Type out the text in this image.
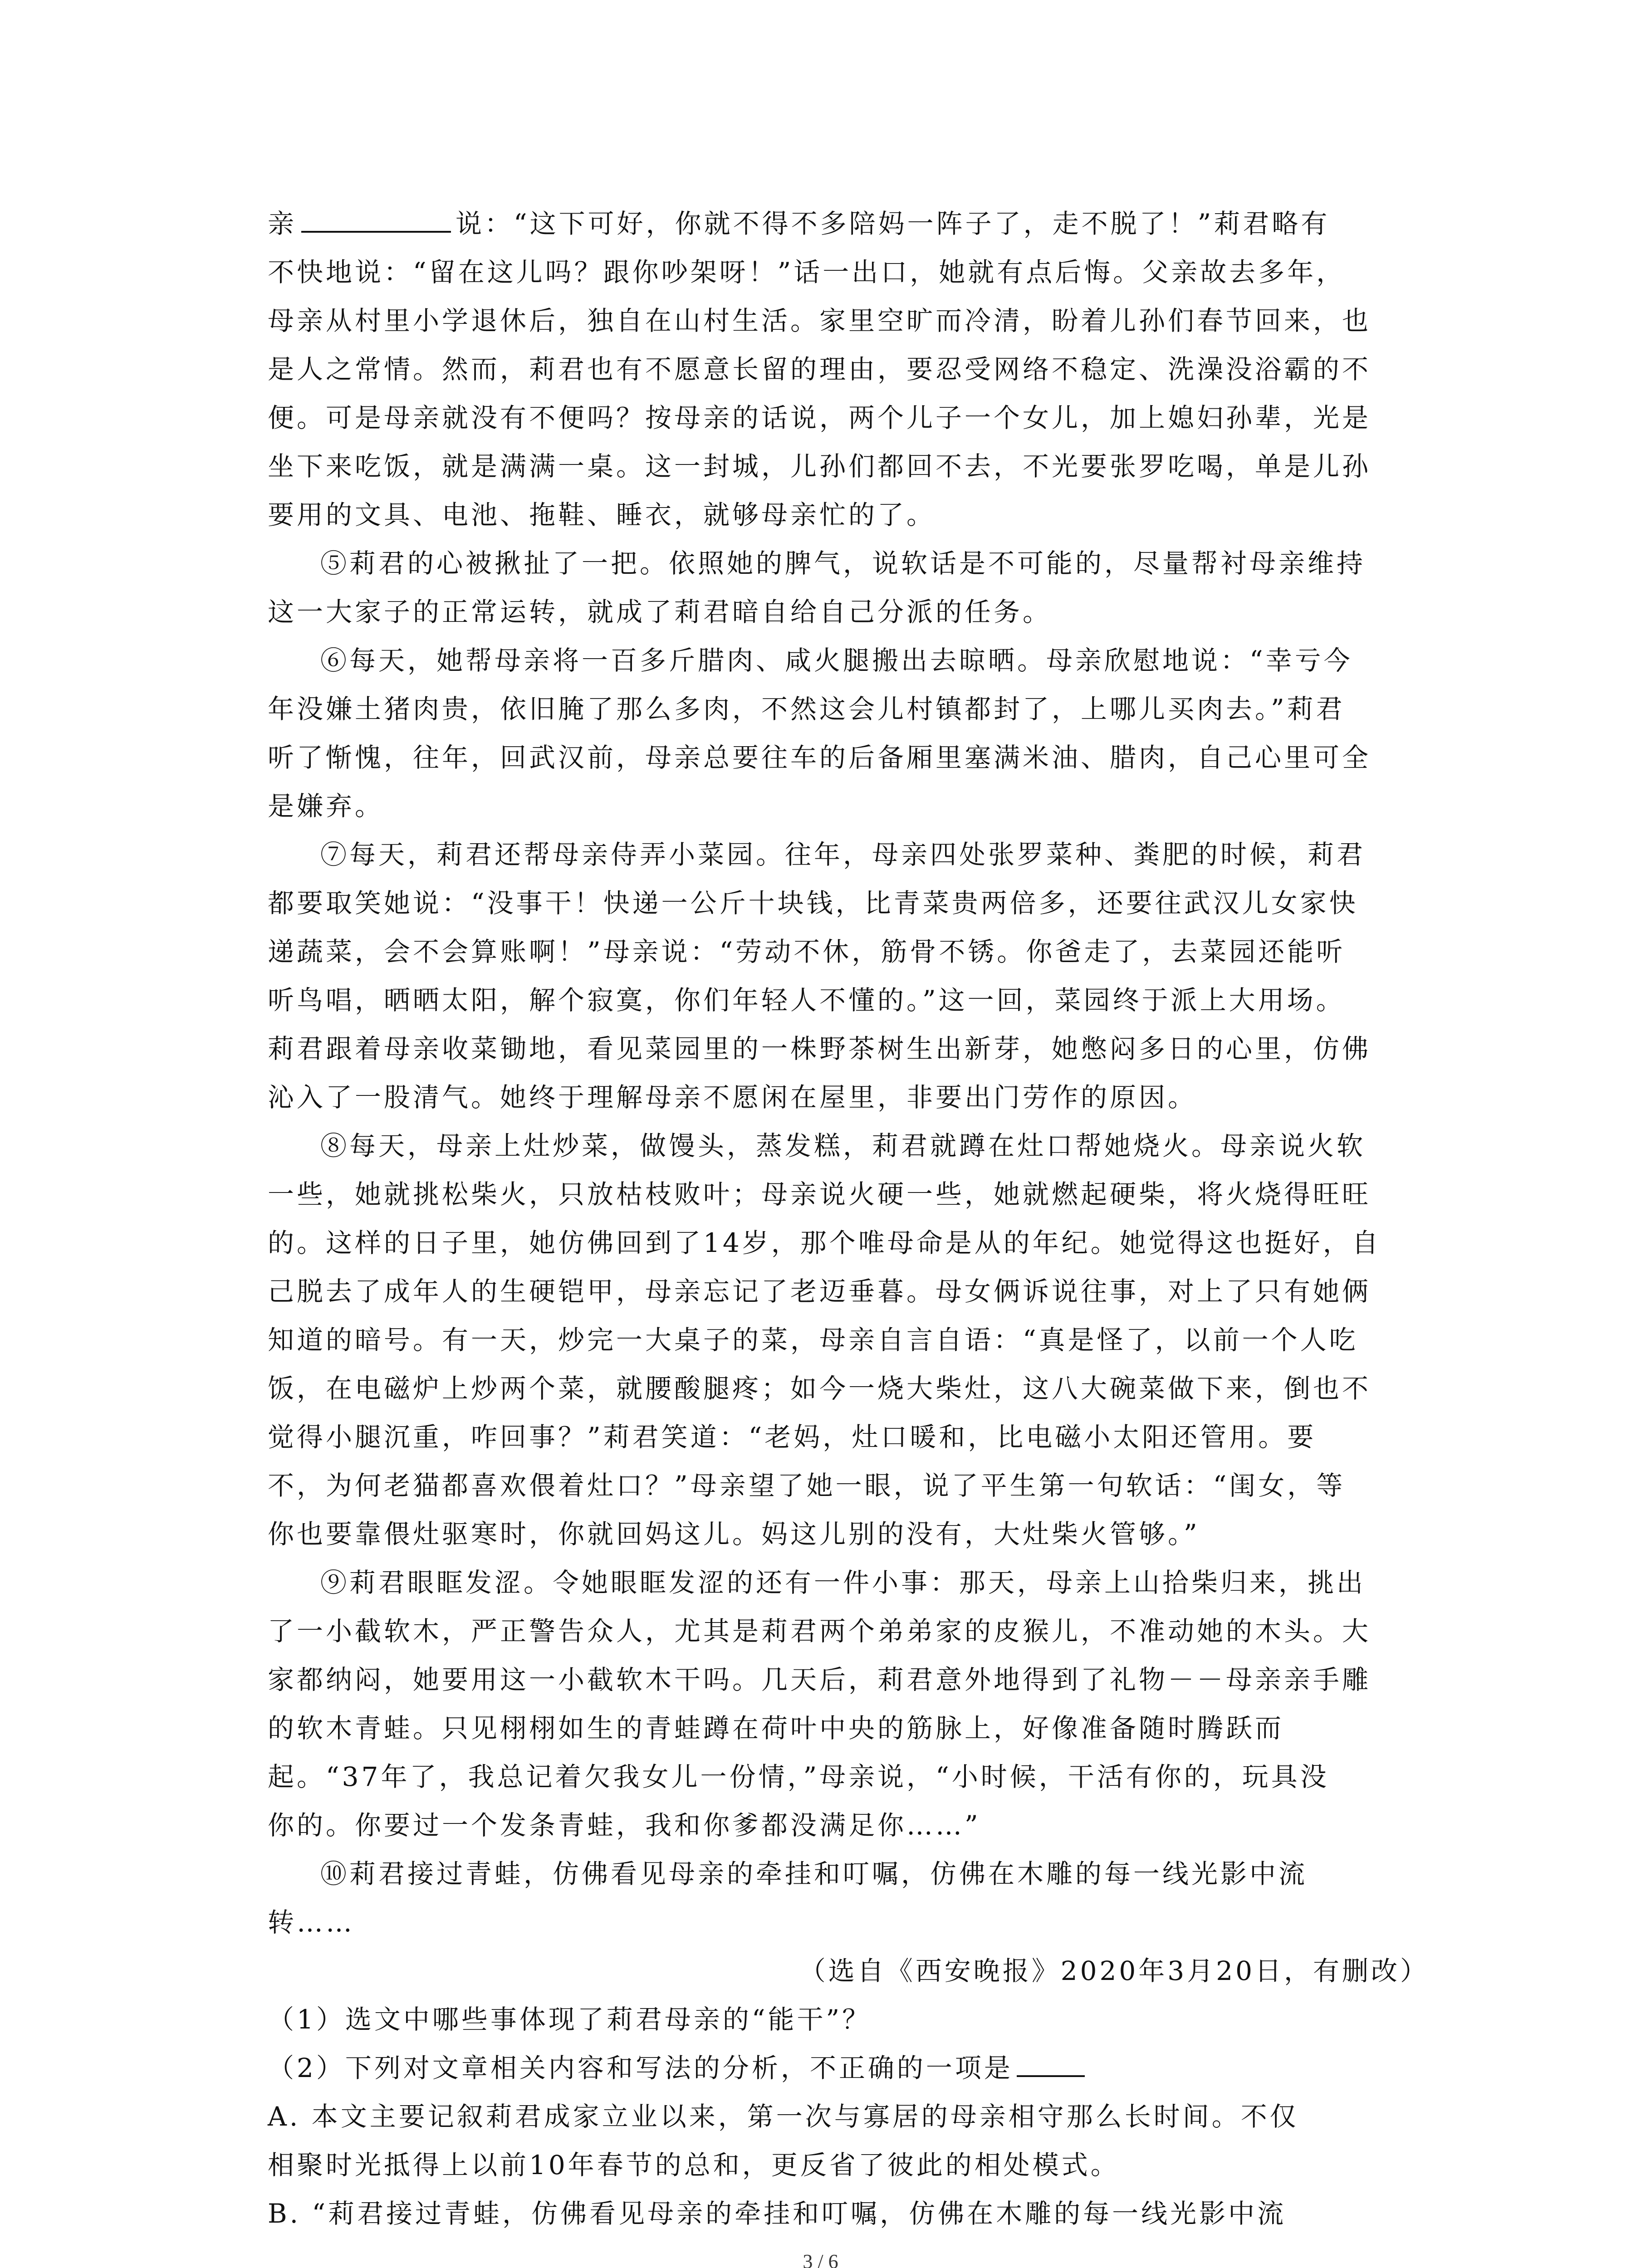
亲	说：“这下可好，你就不得不多陪妈一阵子了，走不脱了！”莉君略有

不快地说：“留在这儿吗？跟你吵架呀！”话一出口，她就有点后悔。父亲故去多年，

母亲从村里小学退休后，独自在山村生活。家里空旷而冷清，盼着儿孙们春节回来，也

是人之常情。然而，莉君也有不愿意长留的理由，要忍受网络不稳定、洗澡没浴霸的不

便。可是母亲就没有不便吗？按母亲的话说，两个儿子一个女儿，加上媳妇孙辈，光是

坐下来吃饭，就是满满一桌。这一封城，儿孙们都回不去，不光要张罗吃喝，单是儿孙

要用的文具、电池、拖鞋、睡衣，就够母亲忙的了。

⑤莉君的心被揪扯了一把。依照她的脾气，说软话是不可能的，尽量帮衬母亲维持

这一大家子的正常运转，就成了莉君暗自给自己分派的任务。

⑥每天，她帮母亲将一百多斤腊肉、咸火腿搬出去晾晒。母亲欣慰地说：“幸亏今

年没嫌土猪肉贵，依旧腌了那么多肉，不然这会儿村镇都封了，上哪儿买肉去。”莉君

听了惭愧，往年，回武汉前，母亲总要往车的后备厢里塞满米油、腊肉，自己心里可全

是嫌弃。

⑦每天，莉君还帮母亲侍弄小菜园。往年，母亲四处张罗菜种、粪肥的时候，莉君

都要取笑她说：“没事干！快递一公斤十块钱，比青菜贵两倍多，还要往武汉儿女家快

递蔬菜，会不会算账啊！”母亲说：“劳动不休，筋骨不锈。你爸走了，去菜园还能听

听鸟唱，晒晒太阳，解个寂寞，你们年轻人不懂的。”这一回，菜园终于派上大用场。

莉君跟着母亲收菜锄地，看见菜园里的一株野茶树生出新芽，她憋闷多日的心里，仿佛

沁入了一股清气。她终于理解母亲不愿闲在屋里，非要出门劳作的原因。

⑧每天，母亲上灶炒菜，做馒头，蒸发糕，莉君就蹲在灶口帮她烧火。母亲说火软

一些，她就挑松柴火，只放枯枝败叶；母亲说火硬一些，她就燃起硬柴，将火烧得旺旺

的。这样的日子里，她仿佛回到了14岁，那个唯母命是从的年纪。她觉得这也挺好，自

己脱去了成年人的生硬铠甲，母亲忘记了老迈垂暮。母女俩诉说往事，对上了只有她俩

知道的暗号。有一天，炒完一大桌子的菜，母亲自言自语：“真是怪了，以前一个人吃

饭，在电磁炉上炒两个菜，就腰酸腿疼；如今一烧大柴灶，这八大碗菜做下来，倒也不

觉得小腿沉重，咋回事？”莉君笑道：“老妈，灶口暖和，比电磁小太阳还管用。要

不，为何老猫都喜欢偎着灶口？”母亲望了她一眼，说了平生第一句软话：“闺女，等

你也要靠偎灶驱寒时，你就回妈这儿。妈这儿别的没有，大灶柴火管够。”

⑨莉君眼眶发涩。令她眼眶发涩的还有一件小事：那天，母亲上山拾柴归来，挑出

了一小截软木，严正警告众人，尤其是莉君两个弟弟家的皮猴儿，不准动她的木头。大

家都纳闷，她要用这一小截软木干吗。几天后，莉君意外地得到了礼物－－母亲亲手雕

的软木青蛙。只见栩栩如生的青蛙蹲在荷叶中央的筋脉上，好像准备随时腾跃而

起。“37年了，我总记着欠我女儿一份情，”母亲说，“小时候，干活有你的，玩具没

你的。你要过一个发条青蛙，我和你爹都没满足你……”

⑩莉君接过青蛙，仿佛看见母亲的牵挂和叮嘱，仿佛在木雕的每一线光影中流

转……

（选自《西安晚报》2020年3月20日，有删改）

（1）选文中哪些事体现了莉君母亲的“能干”？

（2）下列对文章相关内容和写法的分析，不正确的一项是

A. 本文主要记叙莉君成家立业以来，第一次与寡居的母亲相守那么长时间。不仅

相聚时光抵得上以前10年春节的总和，更反省了彼此的相处模式。

B. “莉君接过青蛙，仿佛看见母亲的牵挂和叮嘱，仿佛在木雕的每一线光影中流

3 / 6
